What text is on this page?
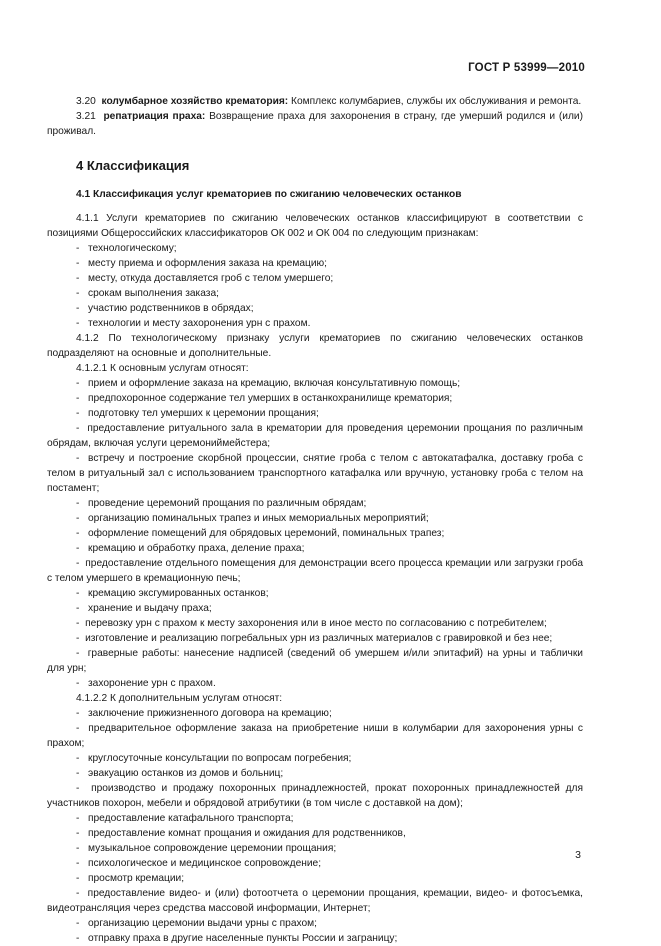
ГОСТ Р 53999—2010

3.20 колумбарное хозяйство крематория: Комплекс колумбариев, службы их обслуживания и ремонта.

3.21 репатриация праха: Возвращение праха для захоронения в страну, где умерший родился и (или) проживал.

4 Классификация

4.1 Классификация услуг крематориев по сжиганию человеческих останков

4.1.1 Услуги крематориев по сжиганию человеческих останков классифицируют в соответствии с позициями Общероссийских классификаторов ОК 002 и ОК 004 по следующим признакам:

- технологическому;
- месту приема и оформления заказа на кремацию;
- месту, откуда доставляется гроб с телом умершего;
- срокам выполнения заказа;
- участию родственников в обрядах;
- технологии и месту захоронения урн с прахом.

4.1.2 По технологическому признаку услуги крематориев по сжиганию человеческих останков подразделяют на основные и дополнительные.

4.1.2.1 К основным услугам относят:

- прием и оформление заказа на кремацию, включая консультативную помощь;
- предпохоронное содержание тел умерших в останкохранилище крематория;
- подготовку тел умерших к церемонии прощания;

-  предоставление ритуального зала в крематории для проведения церемонии прощания по различным обрядам, включая услуги церемониймейстера;

-  встречу и построение скорбной процессии, снятие гроба с телом с автокатафалка, доставку гроба с телом в ритуальный зал с использованием транспортного катафалка или вручную, установку гроба с телом на постамент;

- проведение церемоний прощания по различным обрядам;
- организацию поминальных трапез и иных мемориальных мероприятий;
- оформление помещений для обрядовых церемоний, поминальных трапез;
- кремацию и обработку праха, деление праха;

-  предоставление отдельного помещения для демонстрации всего процесса кремации или загрузки гроба с телом умершего в кремационную печь;

- кремацию эксгумированных останков;
- хранение и выдачу праха;

-  перевозку урн с прахом к месту захоронения или в иное место по согласованию с потребителем;

-  изготовление и реализацию погребальных урн из различных материалов с гравировкой и без нее;

-  граверные работы: нанесение надписей (сведений об умершем и/или эпитафий) на урны и таблички для урн;

- захоронение урн с прахом.

4.1.2.2 К дополнительным услугам относят:

- заключение прижизненного договора на кремацию;

-  предварительное оформление заказа на приобретение ниши в колумбарии для захоронения урны с прахом;

- круглосуточные консультации по вопросам погребения;
- эвакуацию останков из домов и больниц;

-  производство и продажу похоронных принадлежностей, прокат похоронных принадлежностей для участников похорон, мебели и обрядовой атрибутики (в том числе с доставкой на дом);

- предоставление катафального транспорта;
- предоставление комнат прощания и ожидания для родственников,
- музыкальное сопровождение церемонии прощания;
- психологическое и медицинское сопровождение;
- просмотр кремации;

-  предоставление видео- и (или) фотоотчета о церемонии прощания, кремации, видео- и фотосъемка, видеотрансляция через средства массовой информации, Интернет;

- организацию церемонии выдачи урны с прахом;
- отправку праха в другие населенные пункты России и заграницу;
3
